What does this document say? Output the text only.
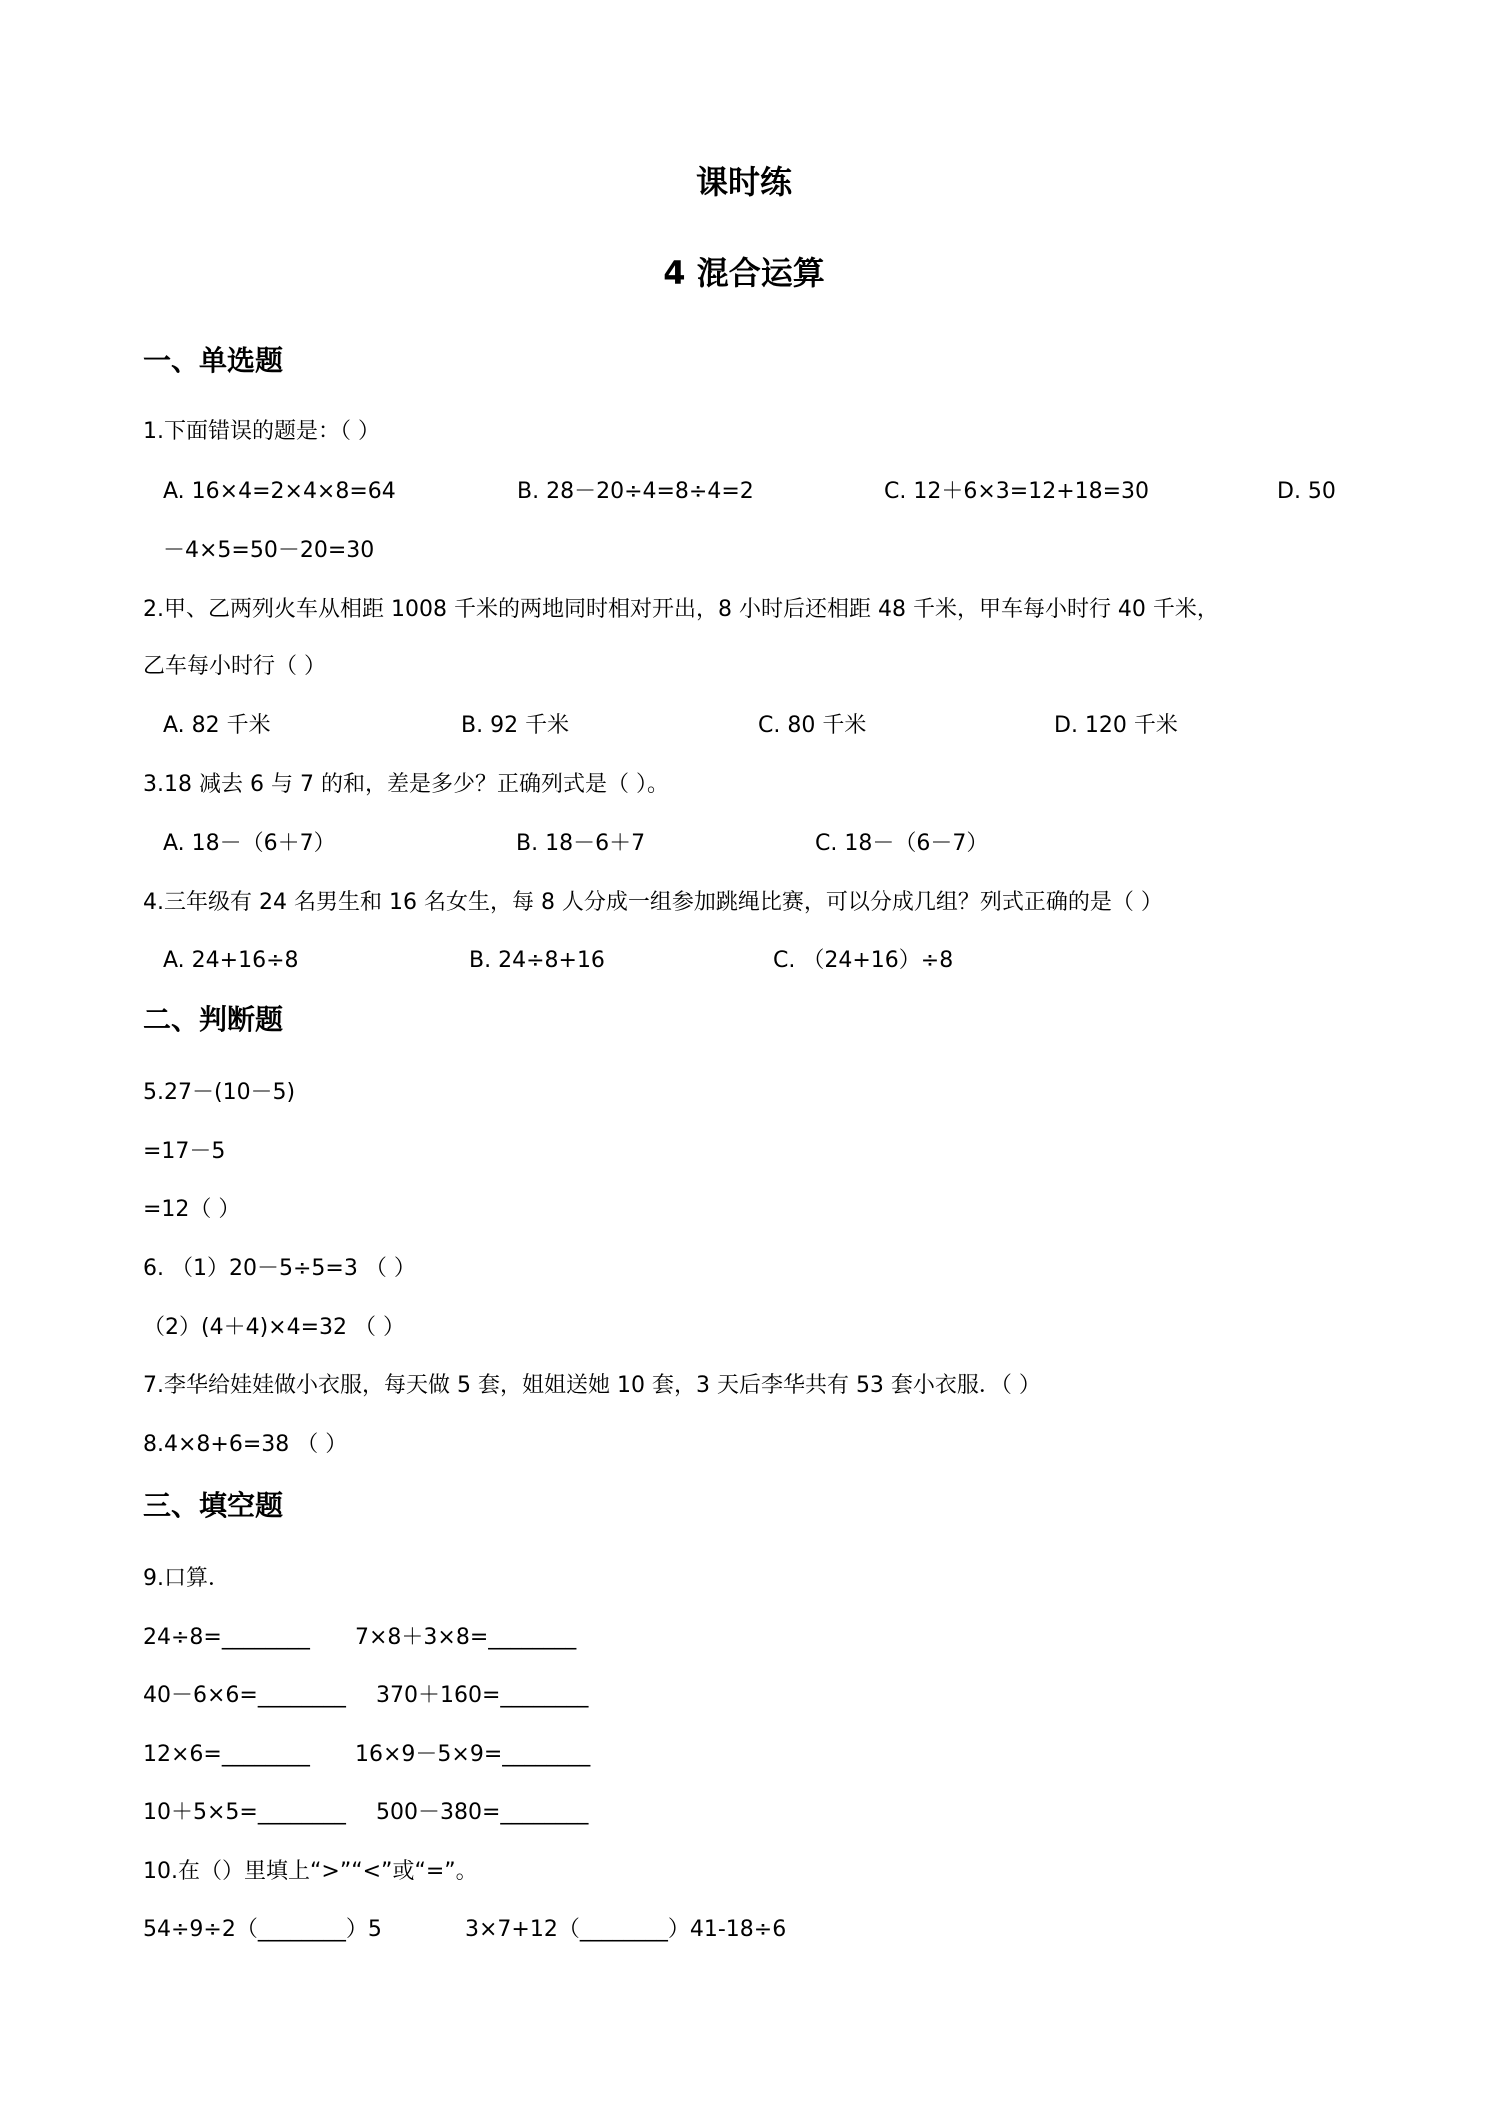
课时练
4 混合运算
一、单选题
1.下面错误的题是：（ ）
A. 16×4=2×4×8=64	B. 28－20÷4=8÷4=2	C. 12＋6×3=12+18=30	D. 50
－4×5=50－20=30
2.甲、乙两列火车从相距 1008 千米的两地同时相对开出，8 小时后还相距 48 千米，甲车每小时行 40 千米，
乙车每小时行（ ）
A. 82 千米	B. 92 千米	C. 80 千米	D. 120 千米
3.18 减去 6 与 7 的和，差是多少？正确列式是（ ）。
A. 18－（6＋7）	B. 18－6＋7	C. 18－（6－7）
4.三年级有 24 名男生和 16 名女生，每 8 人分成一组参加跳绳比赛，可以分成几组？列式正确的是（ ）
A. 24+16÷8	B. 24÷8+16	C. （24+16）÷8
二、判断题
5.27－(10－5)
=17－5
=12（ ）
6. （1）20－5÷5=3 （ ）
（2）(4＋4)×4=32 （ ）
7.李华给娃娃做小衣服，每天做 5 套，姐姐送她 10 套，3 天后李华共有 53 套小衣服．（ ）
8.4×8+6=38 （ ）
三、填空题
9.口算．
24÷8=________ 7×8＋3×8=________
40－6×6=________ 370＋160=________
12×6=________ 16×9－5×9=________
10＋5×5=________ 500－380=________
10.在（）里填上“>”“<”或“=”。
54÷9÷2（________）5	3×7+12（________）41-18÷6
